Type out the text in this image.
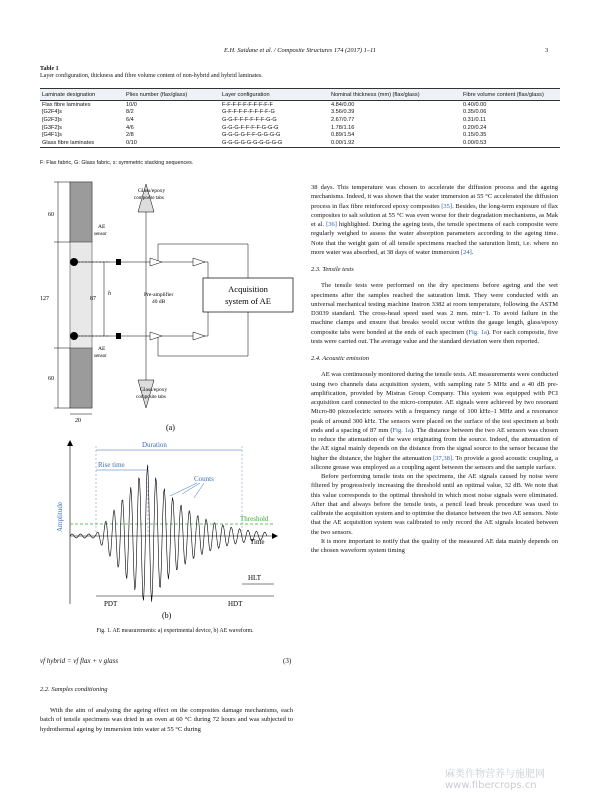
E.H. Saidane et al. / Composite Structures 174 (2017) 1–11	3
Table 1
Layer configuration, thickness and fibre volume content of non-hybrid and hybrid laminates.
Laminate designation	Plies number (flax/glass)	Layer configuration	Nominal thickness (mm) (flax/glass)	Fibre volume content (flax/glass)
Flax fibre laminates	10/0	F-F-F-F-F-F-F-F-F-F	4.84/0.00	0.40/0.00
[G2F4]s	8/2	G-F-F-F-F-F-F-F-F-G	3.56/0.39	0.35/0.06
[G2F3]s	6/4	G-G-F-F-F-F-F-F-G-G	2.67/0.77	0.31/0.11
[G3F2]s	4/6	G-G-G-F-F-F-F-G-G-G	1.78/1.16	0.20/0.24
[G4F1]s	2/8	G-G-G-G-F-F-G-G-G-G	0.89/1.54	0.15/0.35
Glass fibre laminates	0/10	G-G-G-G-G-G-G-G-G-G	0.00/1.92	0.00/0.53
F: Flax fabric, G: Glass fabric, s: symmetric stacking sequences.
60
127	87
h
60
20
AE
sensor
AE
sensor
Pre-amplifier
40 dB
Acquisition
system of AE
Glass/epoxy
composite tabs
Glass/epoxy
composite tabs
(a)
Amplitude
Time
Threshold
Duration
Rise time
Counts
HLT
PDT	HDT
(b)
Fig. 1. AE measurements: a) experimental device, b) AE waveform.
vf hybrid = vf flax + v glass	(3)
2.2. Samples conditioning

With the aim of analysing the ageing effect on the composites damage mechanisms, each batch of tensile specimens was dried in an oven at 60 °C during 72 hours and was subjected to hydrothermal ageing by immersion into water at 55 °C during

38 days. This temperature was chosen to accelerate the diffusion process and the ageing mechanisms. Indeed, it was shown that the water immersion at 55 °C accelerated the diffusion process in flax fibre reinforced epoxy composites [35]. Besides, the long-term exposure of flax composites to salt solution at 55 °C was even worse for their degradation mechanisms, as Mak et al. [36] highlighted. During the ageing tests, the tensile specimens of each composite were regularly weighed to assess the water absorption parameters according to the ageing time. Note that the weight gain of all tensile specimens reached the saturation limit, i.e. where no more water was absorbed, at 38 days of water immersion [24].

2.3. Tensile tests

The tensile tests were performed on the dry specimens before ageing and the wet specimens after the samples reached the saturation limit. They were conducted with an universal mechanical testing machine Instron 3382 at room temperature, following the ASTM D3039 standard. The cross-head speed used was 2 mm. min−1. To avoid failure in the machine clamps and ensure that breaks would occur within the gauge length, glass/epoxy composite tabs were bonded at the ends of each specimen (Fig. 1a). For each composite, five tests were carried out. The average value and the standard deviation were then reported.

2.4. Acoustic emission

AE was continuously monitored during the tensile tests. AE measurements were conducted using two channels data acquisition system, with sampling rate 5 MHz and a 40 dB pre-amplification, provided by Mistras Group Company. This system was equipped with PCI acquisition card connected to the micro-computer. AE signals were achieved by two resonant Micro-80 piezoelectric sensors with a frequency range of 100 kHz–1 MHz and a resonance peak of around 300 kHz. The sensors were placed on the surface of the test specimen at both ends and a spacing of 87 mm (Fig. 1a). The distance between the two AE sensors was chosen to reduce the attenuation of the wave originating from the source. Indeed, the attenuation of the AE signal mainly depends on the distance from the signal source to the sensor because the higher the distance, the higher the attenuation [37,38]. To provide a good acoustic coupling, a silicone grease was employed as a coupling agent between the sensors and the sample surface.

Before performing tensile tests on the specimens, the AE signals caused by noise were filtered by progressively increasing the threshold until an optimal value, 32 dB. We note that this value corresponds to the optimal threshold in which most noise signals were eliminated. After that and always before the tensile tests, a pencil lead break procedure was used to calibrate the acquisition system and to optimise the distance between the two AE sensors. Note that the AE acquisition system was calibrated to only record the AE signals located between the two sensors.

It is more important to notify that the quality of the measured AE data mainly depends on the chosen waveform system timing

麻类作物营养与施肥网 www.fibercrops.cn
